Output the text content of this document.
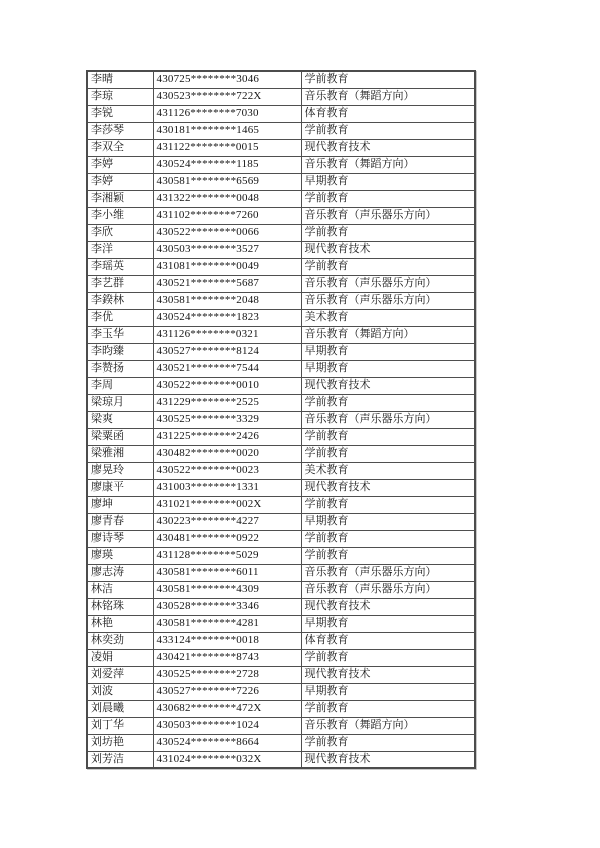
李晴	430725********3046	学前教育
李琼	430523********722X	音乐教育（舞蹈方向）
李锐	431126********7030	体育教育
李莎琴	430181********1465	学前教育
李双全	431122********0015	现代教育技术
李婷	430524********1185	音乐教育（舞蹈方向）
李婷	430581********6569	早期教育
李湘颖	431322********0048	学前教育
李小维	431102********7260	音乐教育（声乐器乐方向）
李欣	430522********0066	学前教育
李洋	430503********3527	现代教育技术
李瑶英	431081********0049	学前教育
李艺群	430521********5687	音乐教育（声乐器乐方向）
李鍨林	430581********2048	音乐教育（声乐器乐方向）
李优	430524********1823	美术教育
李玉华	431126********0321	音乐教育（舞蹈方向）
李昀臻	430527********8124	早期教育
李赞扬	430521********7544	早期教育
李周	430522********0010	现代教育技术
梁琼月	431229********2525	学前教育
梁爽	430525********3329	音乐教育（声乐器乐方向）
梁粟函	431225********2426	学前教育
梁雅湘	430482********0020	学前教育
廖晃玲	430522********0023	美术教育
廖康平	431003********1331	现代教育技术
廖坤	431021********002X	学前教育
廖青春	430223********4227	早期教育
廖诗琴	430481********0922	学前教育
廖瑛	431128********5029	学前教育
廖志涛	430581********6011	音乐教育（声乐器乐方向）
林洁	430581********4309	音乐教育（声乐器乐方向）
林铭珠	430528********3346	现代教育技术
林艳	430581********4281	早期教育
林奕劲	433124********0018	体育教育
凌娟	430421********8743	学前教育
刘爱萍	430525********2728	现代教育技术
刘波	430527********7226	早期教育
刘晨曦	430682********472X	学前教育
刘丁华	430503********1024	音乐教育（舞蹈方向）
刘坊艳	430524********8664	学前教育
刘芳洁	431024********032X	现代教育技术
